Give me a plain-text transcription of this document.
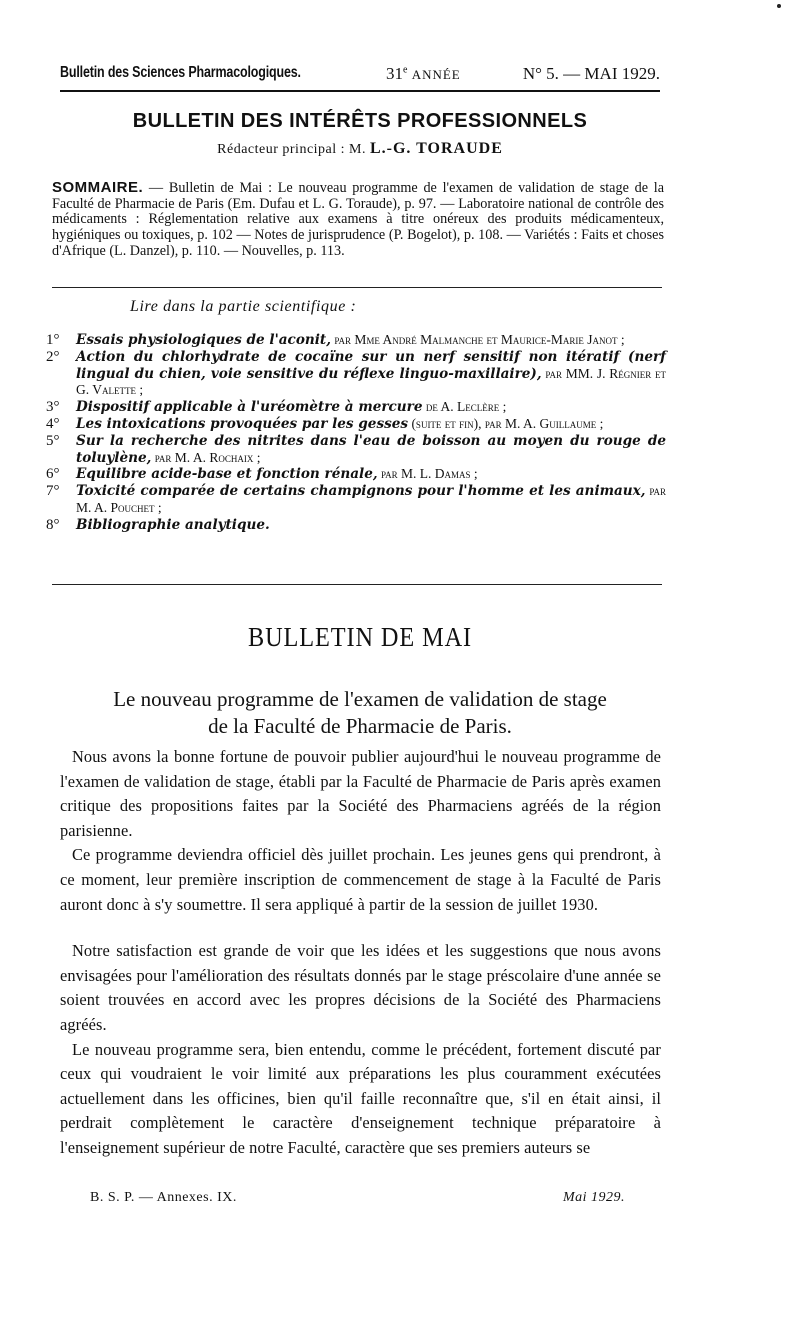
Bulletin des Sciences Pharmacologiques.	31e ANNÉE	N° 5. — MAI 1929.
BULLETIN DES INTÉRÊTS PROFESSIONNELS
Rédacteur principal : M. L.-G. TORAUDE
SOMMAIRE. — Bulletin de Mai : Le nouveau programme de l'examen de validation de stage de la Faculté de Pharmacie de Paris (Em. Dufau et L. G. Toraude), p. 97. — Laboratoire national de contrôle des médicaments : Réglementation relative aux examens à titre onéreux des produits médicamenteux, hygiéniques ou toxiques, p. 102 — Notes de jurisprudence (P. Bogelot), p. 108. — Variétés : Faits et choses d'Afrique (L. Danzel), p. 110. — Nouvelles, p. 113.
Lire dans la partie scientifique :

1° Essais physiologiques de l'aconit, par Mme André Malmanche et Maurice-Marie Janot ;

2° Action du chlorhydrate de cocaïne sur un nerf sensitif non itératif (nerf lingual du chien, voie sensitive du réflexe linguo-maxillaire), par MM. J. Régnier et G. Valette ;

3° Dispositif applicable à l'uréomètre à mercure de A. Leclère ;

4° Les intoxications provoquées par les gesses (suite et fin), par M. A. Guillaume ;

5° Sur la recherche des nitrites dans l'eau de boisson au moyen du rouge de toluylène, par M. A. Rochaix ;

6° Equilibre acide-base et fonction rénale, par M. L. Damas ;

7° Toxicité comparée de certains champignons pour l'homme et les animaux, par M. A. Pouchet ;

8° Bibliographie analytique.

BULLETIN DE MAI
Le nouveau programme de l'examen de validation de stage
de la Faculté de Pharmacie de Paris.

Nous avons la bonne fortune de pouvoir publier aujourd'hui le nouveau programme de l'examen de validation de stage, établi par la Faculté de Pharmacie de Paris après examen critique des propositions faites par la Société des Pharmaciens agréés de la région parisienne.

Ce programme deviendra officiel dès juillet prochain. Les jeunes gens qui prendront, à ce moment, leur première inscription de commencement de stage à la Faculté de Paris auront donc à s'y soumettre. Il sera appliqué à partir de la session de juillet 1930.

Notre satisfaction est grande de voir que les idées et les suggestions que nous avons envisagées pour l'amélioration des résultats donnés par le stage préscolaire d'une année se soient trouvées en accord avec les propres décisions de la Société des Pharmaciens agréés.

Le nouveau programme sera, bien entendu, comme le précédent, fortement discuté par ceux qui voudraient le voir limité aux préparations les plus couramment exécutées actuellement dans les officines, bien qu'il faille reconnaître que, s'il en était ainsi, il perdrait complètement le caractère d'enseignement technique préparatoire à l'enseignement supérieur de notre Faculté, caractère que ses premiers auteurs se

B. S. P. — Annexes. IX.	Mai 1929.
